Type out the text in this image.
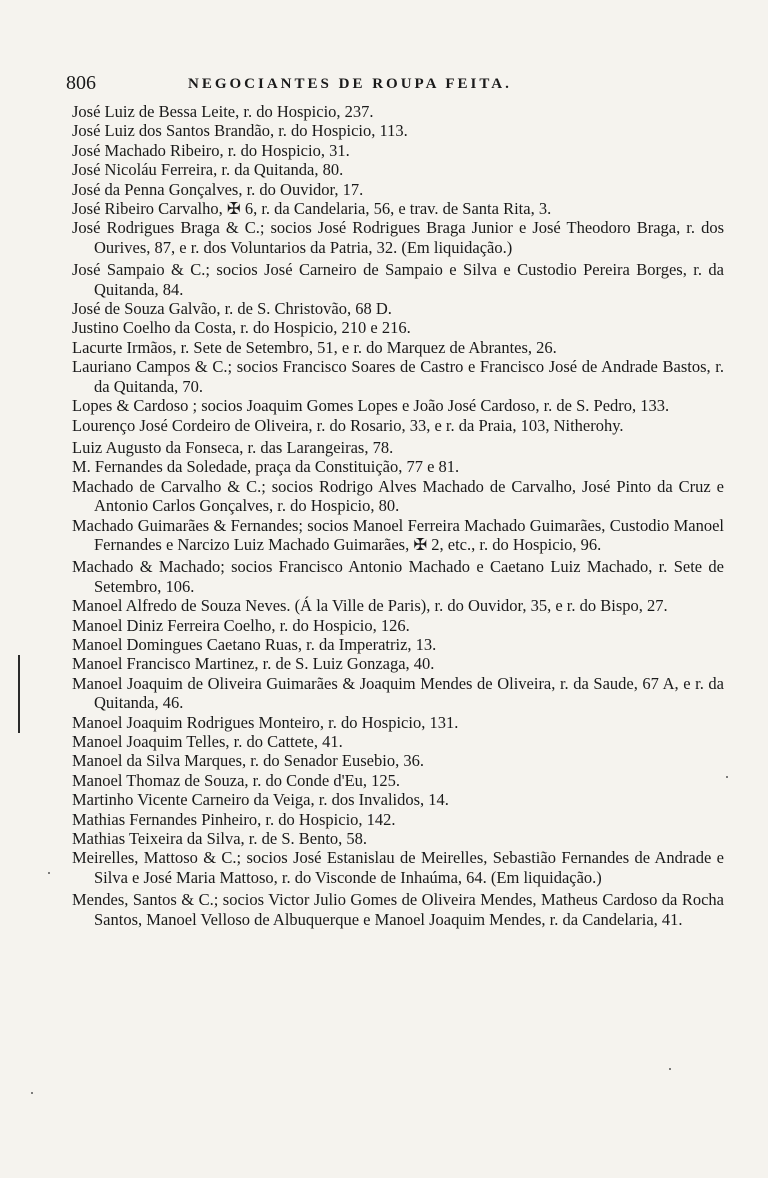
806	NEGOCIANTES DE ROUPA FEITA.

José Luiz de Bessa Leite, r. do Hospicio, 237.

José Luiz dos Santos Brandão, r. do Hospicio, 113.

José Machado Ribeiro, r. do Hospicio, 31.

José Nicoláu Ferreira, r. da Quitanda, 80.

José da Penna Gonçalves, r. do Ouvidor, 17.

José Ribeiro Carvalho, ✠ 6, r. da Candelaria, 56, e trav. de Santa Rita, 3.

José Rodrigues Braga & C.; socios José Rodrigues Braga Junior e José Theodoro Braga, r. dos Ourives, 87, e r. dos Voluntarios da Patria, 32. (Em liquidação.)

José Sampaio & C.; socios José Carneiro de Sampaio e Silva e Custodio Pereira Borges, r. da Quitanda, 84.

José de Souza Galvão, r. de S. Christovão, 68 D.

Justino Coelho da Costa, r. do Hospicio, 210 e 216.

Lacurte Irmãos, r. Sete de Setembro, 51, e r. do Marquez de Abrantes, 26.

Lauriano Campos & C.; socios Francisco Soares de Castro e Francisco José de Andrade Bastos, r. da Quitanda, 70.

Lopes & Cardoso ; socios Joaquim Gomes Lopes e João José Cardoso, r. de S. Pedro, 133.

Lourenço José Cordeiro de Oliveira, r. do Rosario, 33, e r. da Praia, 103, Nitherohy.

Luiz Augusto da Fonseca, r. das Larangeiras, 78.

M. Fernandes da Soledade, praça da Constituição, 77 e 81.

Machado de Carvalho & C.; socios Rodrigo Alves Machado de Carvalho, José Pinto da Cruz e Antonio Carlos Gonçalves, r. do Hospicio, 80.

Machado Guimarães & Fernandes; socios Manoel Ferreira Machado Guimarães, Custodio Manoel Fernandes e Narcizo Luiz Machado Guimarães, ✠ 2, etc., r. do Hospicio, 96.

Machado & Machado; socios Francisco Antonio Machado e Caetano Luiz Machado, r. Sete de Setembro, 106.

Manoel Alfredo de Souza Neves. (Á la Ville de Paris), r. do Ouvidor, 35, e r. do Bispo, 27.

Manoel Diniz Ferreira Coelho, r. do Hospicio, 126.

Manoel Domingues Caetano Ruas, r. da Imperatriz, 13.

Manoel Francisco Martinez, r. de S. Luiz Gonzaga, 40.

Manoel Joaquim de Oliveira Guimarães & Joaquim Mendes de Oliveira, r. da Saude, 67 A, e r. da Quitanda, 46.

Manoel Joaquim Rodrigues Monteiro, r. do Hospicio, 131.

Manoel Joaquim Telles, r. do Cattete, 41.

Manoel da Silva Marques, r. do Senador Eusebio, 36.

Manoel Thomaz de Souza, r. do Conde d'Eu, 125.

Martinho Vicente Carneiro da Veiga, r. dos Invalidos, 14.

Mathias Fernandes Pinheiro, r. do Hospicio, 142.

Mathias Teixeira da Silva, r. de S. Bento, 58.

Meirelles, Mattoso & C.; socios José Estanislau de Meirelles, Sebastião Fernandes de Andrade e Silva e José Maria Mattoso, r. do Visconde de Inhaúma, 64. (Em liquidação.)

Mendes, Santos & C.; socios Victor Julio Gomes de Oliveira Mendes, Matheus Cardoso da Rocha Santos, Manoel Velloso de Albuquerque e Manoel Joaquim Mendes, r. da Candelaria, 41.
